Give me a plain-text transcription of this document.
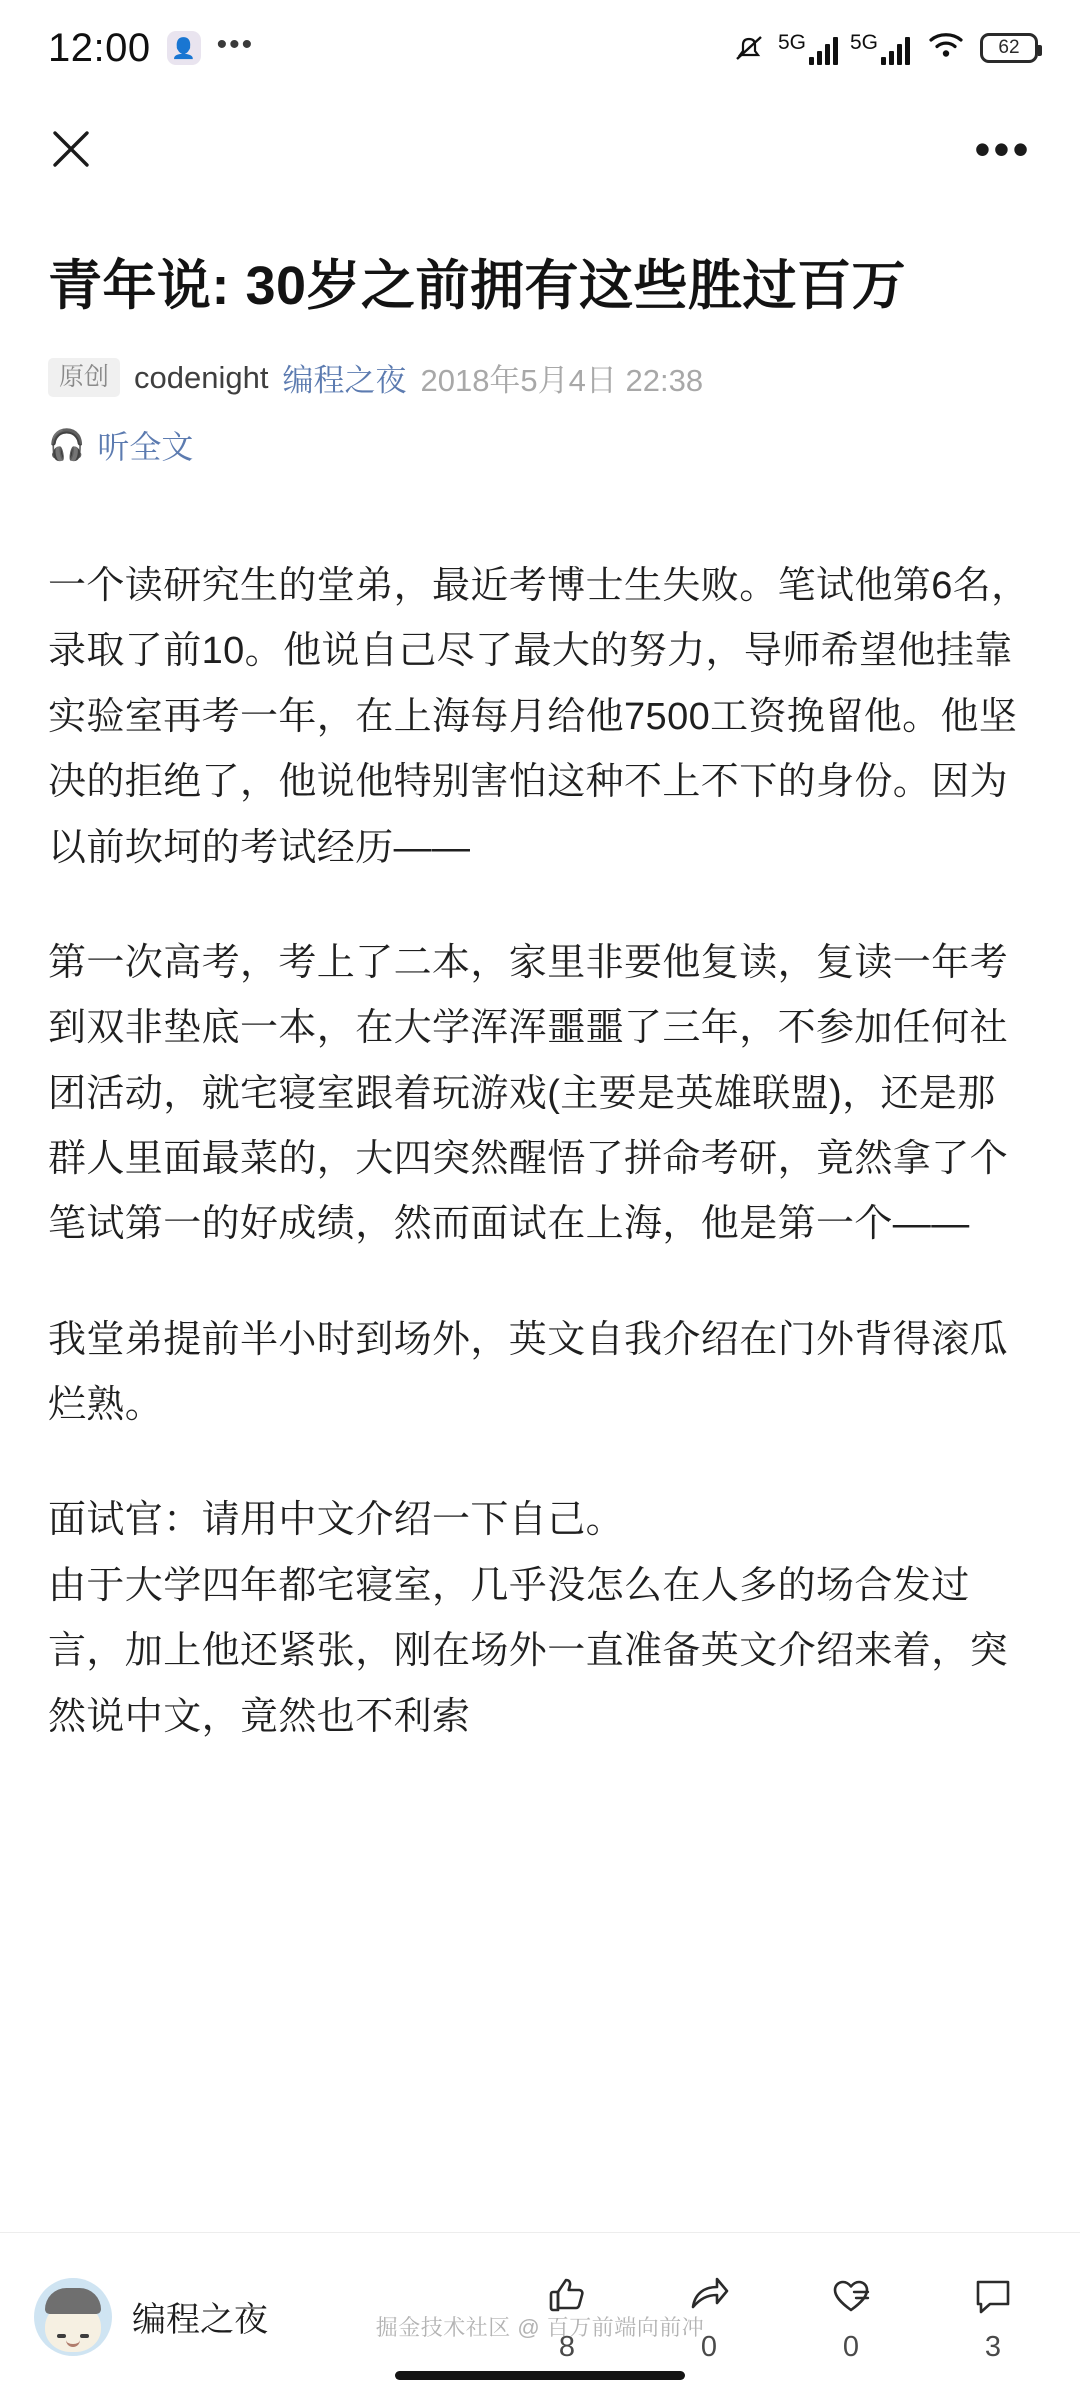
12:00 👤 •••	5G 5G	62
•••
青年说: 30岁之前拥有这些胜过百万
原创 codenight 编程之夜 2018年5月4日 22:38
🎧 听全文

一个读研究生的堂弟，最近考博士生失败。笔试他第6名，录取了前10。他说自己尽了最大的努力，导师希望他挂靠实验室再考一年，在上海每月给他7500工资挽留他。他坚决的拒绝了，他说他特别害怕这种不上不下的身份。因为以前坎坷的考试经历——

第一次高考，考上了二本，家里非要他复读，复读一年考到双非垫底一本，在大学浑浑噩噩了三年，不参加任何社团活动，就宅寝室跟着玩游戏(主要是英雄联盟)，还是那群人里面最菜的，大四突然醒悟了拼命考研，竟然拿了个笔试第一的好成绩，然而面试在上海，他是第一个——

我堂弟提前半小时到场外，英文自我介绍在门外背得滚瓜烂熟。

面试官：请用中文介绍一下自己。

由于大学四年都宅寝室，几乎没怎么在人多的场合发过言，加上他还紧张，刚在场外一直准备英文介绍来着，突然说中文，竟然也不利索

编程之夜
8	0	0	3
掘金技术社区 @ 百万前端向前冲
